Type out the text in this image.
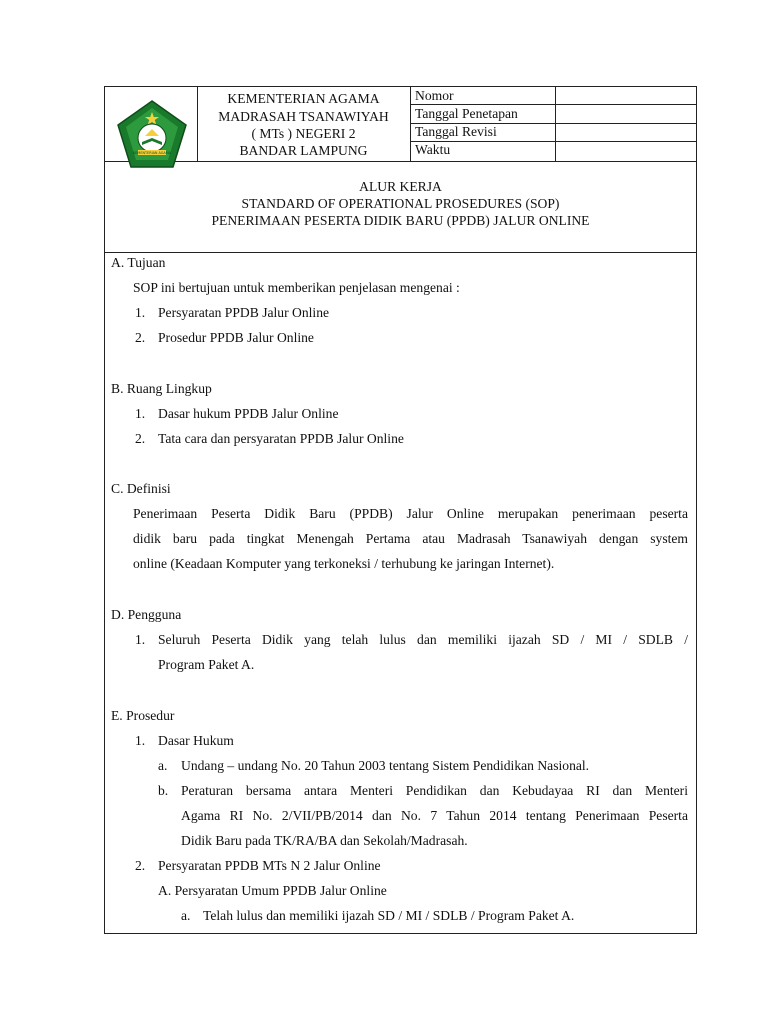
KEMENTERIAN AGAMA
KEMENTERIAN AGAMA
MADRASAH TSANAWIYAH
( MTs ) NEGERI 2
BANDAR LAMPUNG
Nomor
Tanggal Penetapan
Tanggal Revisi
Waktu
ALUR KERJA
STANDARD OF OPERATIONAL PROSEDURES (SOP)
PENERIMAAN PESERTA DIDIK BARU (PPDB) JALUR ONLINE
A. Tujuan
SOP ini bertujuan untuk memberikan penjelasan mengenai :
1. Persyaratan PPDB Jalur Online
2. Prosedur PPDB Jalur Online
B. Ruang Lingkup
1. Dasar hukum PPDB Jalur Online
2. Tata cara dan persyaratan PPDB Jalur Online
C. Definisi
Penerimaan Peserta Didik Baru (PPDB) Jalur Online merupakan penerimaan peserta
didik baru pada tingkat Menengah Pertama atau Madrasah Tsanawiyah dengan system
online (Keadaan Komputer yang terkoneksi / terhubung ke jaringan Internet).
D. Pengguna
1. Seluruh Peserta Didik yang telah lulus dan memiliki ijazah SD / MI / SDLB /
Program Paket A.
E. Prosedur
1. Dasar Hukum
a. Undang – undang No. 20 Tahun 2003 tentang Sistem Pendidikan Nasional.
b. Peraturan bersama antara Menteri Pendidikan dan Kebudayaa RI dan Menteri
Agama RI No. 2/VII/PB/2014 dan No. 7 Tahun 2014 tentang Penerimaan Peserta
Didik Baru pada TK/RA/BA dan Sekolah/Madrasah.
2. Persyaratan PPDB MTs N 2 Jalur Online
A. Persyaratan Umum PPDB Jalur Online
a. Telah lulus dan memiliki ijazah SD / MI / SDLB / Program Paket A.
